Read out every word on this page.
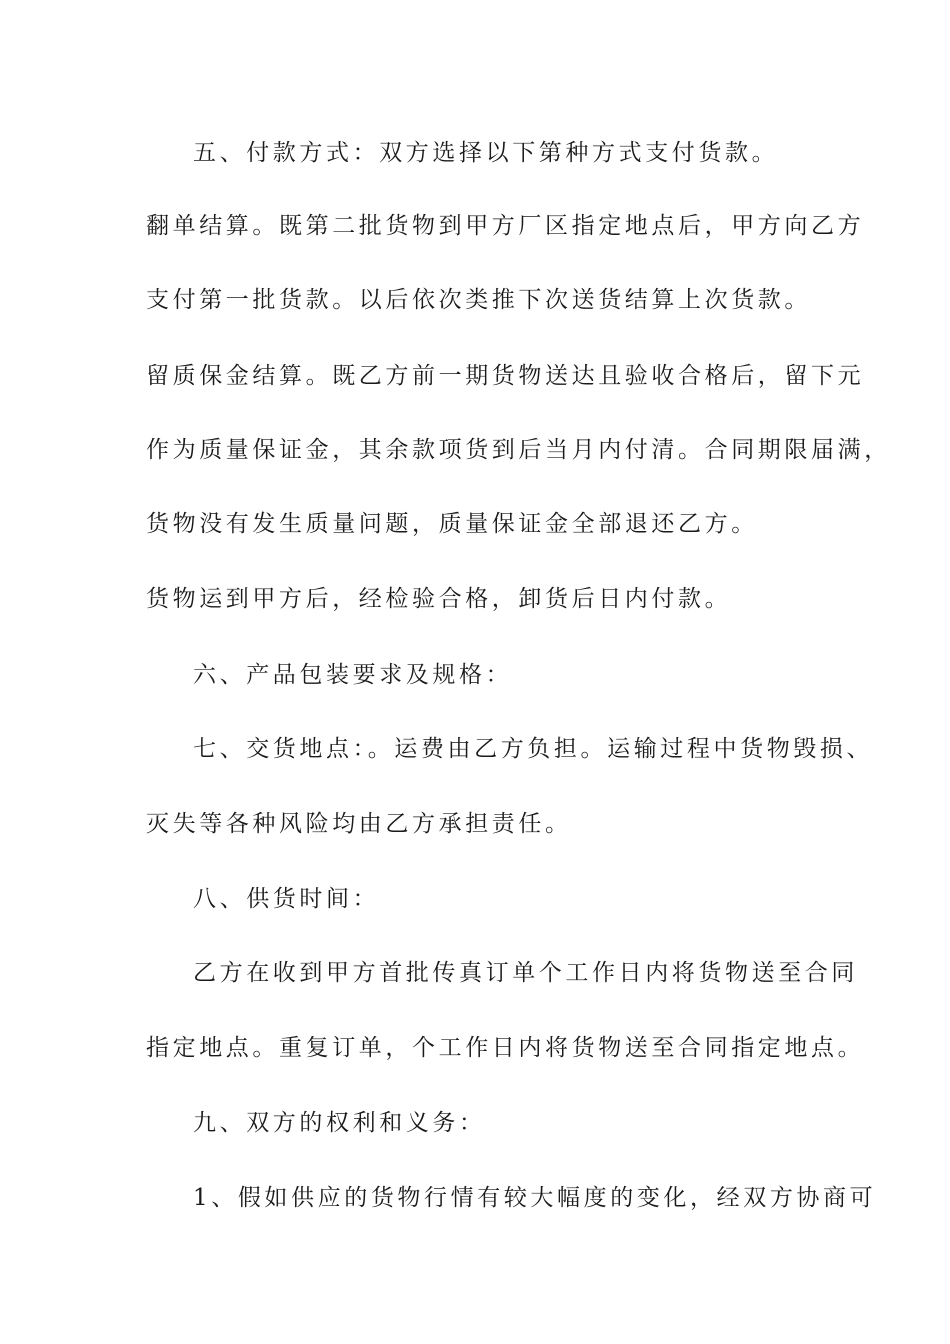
五、付款方式：双方选择以下第种方式支付货款。
翻单结算。既第二批货物到甲方厂区指定地点后，甲方向乙方
支付第一批货款。以后依次类推下次送货结算上次货款。
留质保金结算。既乙方前一期货物送达且验收合格后，留下元
作为质量保证金，其余款项货到后当月内付清。合同期限届满，
货物没有发生质量问题，质量保证金全部退还乙方。
货物运到甲方后，经检验合格，卸货后日内付款。
六、产品包装要求及规格：
七、交货地点：。运费由乙方负担。运输过程中货物毁损、
灭失等各种风险均由乙方承担责任。
八、供货时间：
乙方在收到甲方首批传真订单个工作日内将货物送至合同
指定地点。重复订单，个工作日内将货物送至合同指定地点。
九、双方的权利和义务：
1、假如供应的货物行情有较大幅度的变化，经双方协商可
